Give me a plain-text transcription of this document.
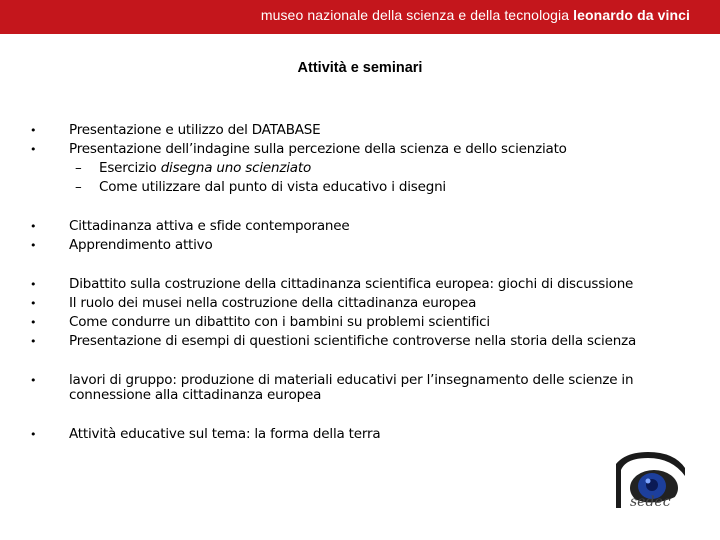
museo nazionale della scienza e della tecnologia leonardo da vinci
Attività e seminari
• Presentazione e utilizzo del DATABASE
• Presentazione dell’indagine sulla percezione della scienza e dello scienziato
– Esercizio disegna uno scienziato
– Come utilizzare dal punto di vista educativo i disegni
• Cittadinanza attiva e sfide contemporanee
• Apprendimento attivo
• Dibattito sulla costruzione della cittadinanza scientifica europea: giochi di discussione
• Il ruolo dei musei nella costruzione della cittadinanza europea
• Come condurre un dibattito con i bambini su problemi scientifici
• Presentazione di esempi di questioni scientifiche controverse nella storia della scienza
• lavori di gruppo: produzione di materiali educativi per l’insegnamento delle scienze in
connessione alla cittadinanza europea
• Attività educative sul tema: la forma della terra
sedec
